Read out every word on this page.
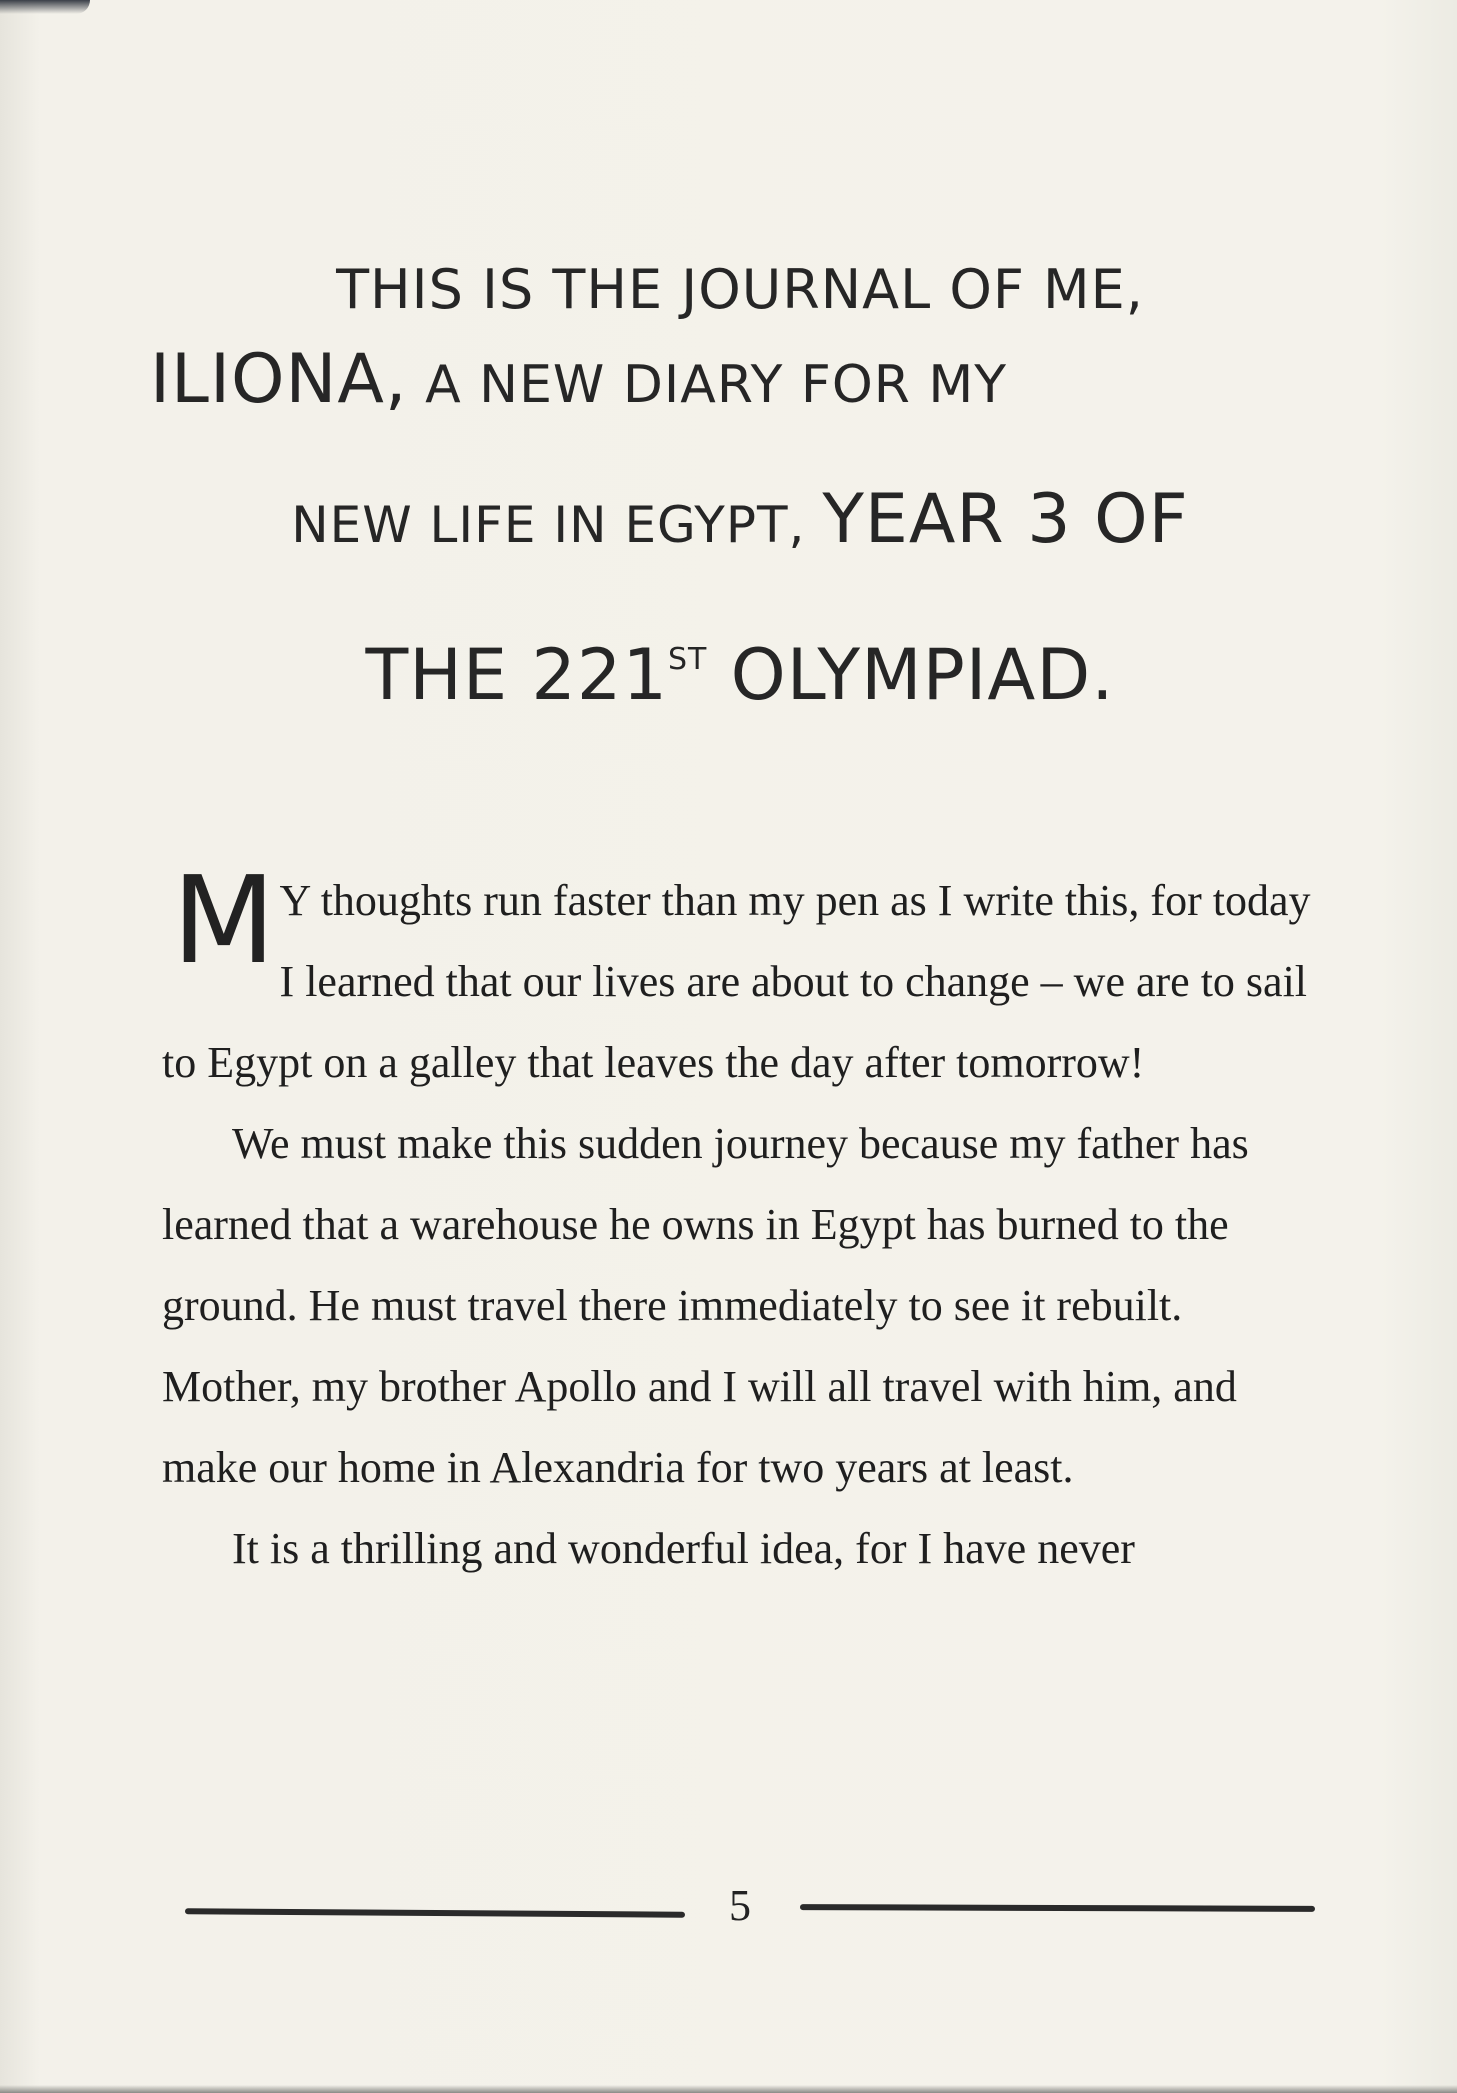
THIS IS THE JOURNAL OF ME,
ILIONA, A NEW DIARY FOR MY
NEW LIFE IN EGYPT, YEAR 3 OF
THE 221ST OLYMPIAD.

M Y thoughts run faster than my pen as I write this, for today I learned that our lives are about to change – we are to sail to Egypt on a galley that leaves the day after tomorrow!

We must make this sudden journey because my father has learned that a warehouse he owns in Egypt has burned to the ground. He must travel there immediately to see it rebuilt. Mother, my brother Apollo and I will all travel with him, and make our home in Alexandria for two years at least.

It is a thrilling and wonderful idea, for I have never

5
